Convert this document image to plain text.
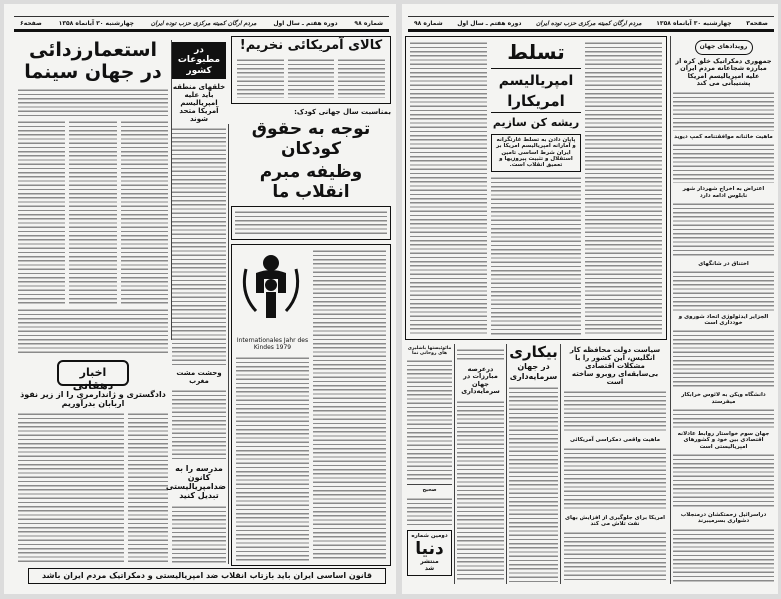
شماره ۹۸
دوره هفتم ـ سال اول
مردم ارگان کمیته مرکزی حزب توده ایران
چهارشنبه ۳۰ آبانماه ۱۳۵۸
صفحه۶
استعمارزدائی در جهان سینما
اخبار دهقانی
دادگستری و ژاندارمری را از زیر نفوذ اربابان بدرآوریم
در مطبوعات کشور
خلقهای منطقه باید علیه امپریالیسم آمریکا متحد شوند
وحشت مشت مغرب
مدرسه را به کانون ضدامپریالیستی تبدیل کنید
کالای آمریکائی نخریم!
بمناسبت سال جهانی کودک:
توجه به حقوق کودکان
وظیفه مبرم انقلاب ما
Internationales Jahr des Kindes 1979
قانون اساسی ایران باید بازتاب انقلاب ضد امپریالیستی و دمکراتیک مردم ایران باشد
شماره ۹۸ دوره هفتم ـ سال اول مردم ارگان کمیته مرکزی حزب توده ایران چهارشنبه ۳۰ آبانماه ۱۳۵۸ صفحه۳
تسلط
امپریالیسم
امریکارا
ریشه کن سازیم
پایان دادن به تسلط غارتگرانه و آمارانه امپریالیسم امریکا بر ایران شرط اساسی تامین استقلال و تثبیت پیروزیها و تعمیق انقلاب است.
رویدادهای جهان
جمهوری دمکراتیک خلق کره از مبارزه شجاعانه مردم ایران علیه امپریالیسم امریکا پشتیبانی می کند
ماهیت خائنانه موافقتنامه کمپ دیوید
اعتراض به اخراج شهردار شهر نابلوس ادامه دارد
اختناق در شانگهای
الجزایر ایدئولوژی اتحاد شوروی و خودداری است
دانشگاه ویکن به لائوس خرابکار میفرستد
جهان سوم خواستار روابط عادلانه اقتصادی بین خود و کشورهای امپریالیستی است
دراسرائیل زحمتکشان درمنجلاب دشواری بسرمیبرند
سیاست دولت محافظه کار انگلیس، این کشور را با مشکلات اقتصادی بی‌سابقه‌ای روبرو ساخته است
ماهیت واقعی دمکراسی آمریکائی
امریکا برای جلوگیری از افزایش بهای نفت تلاش می کند
بیکاری
در جهان
سرمایه‌داری
درعرصه مبارزات در جهان سرمایه‌داری
مائوئیستها باشلیری های روحانی نما
صحیح
دومین شماره
دنیا
منتشر
شد
